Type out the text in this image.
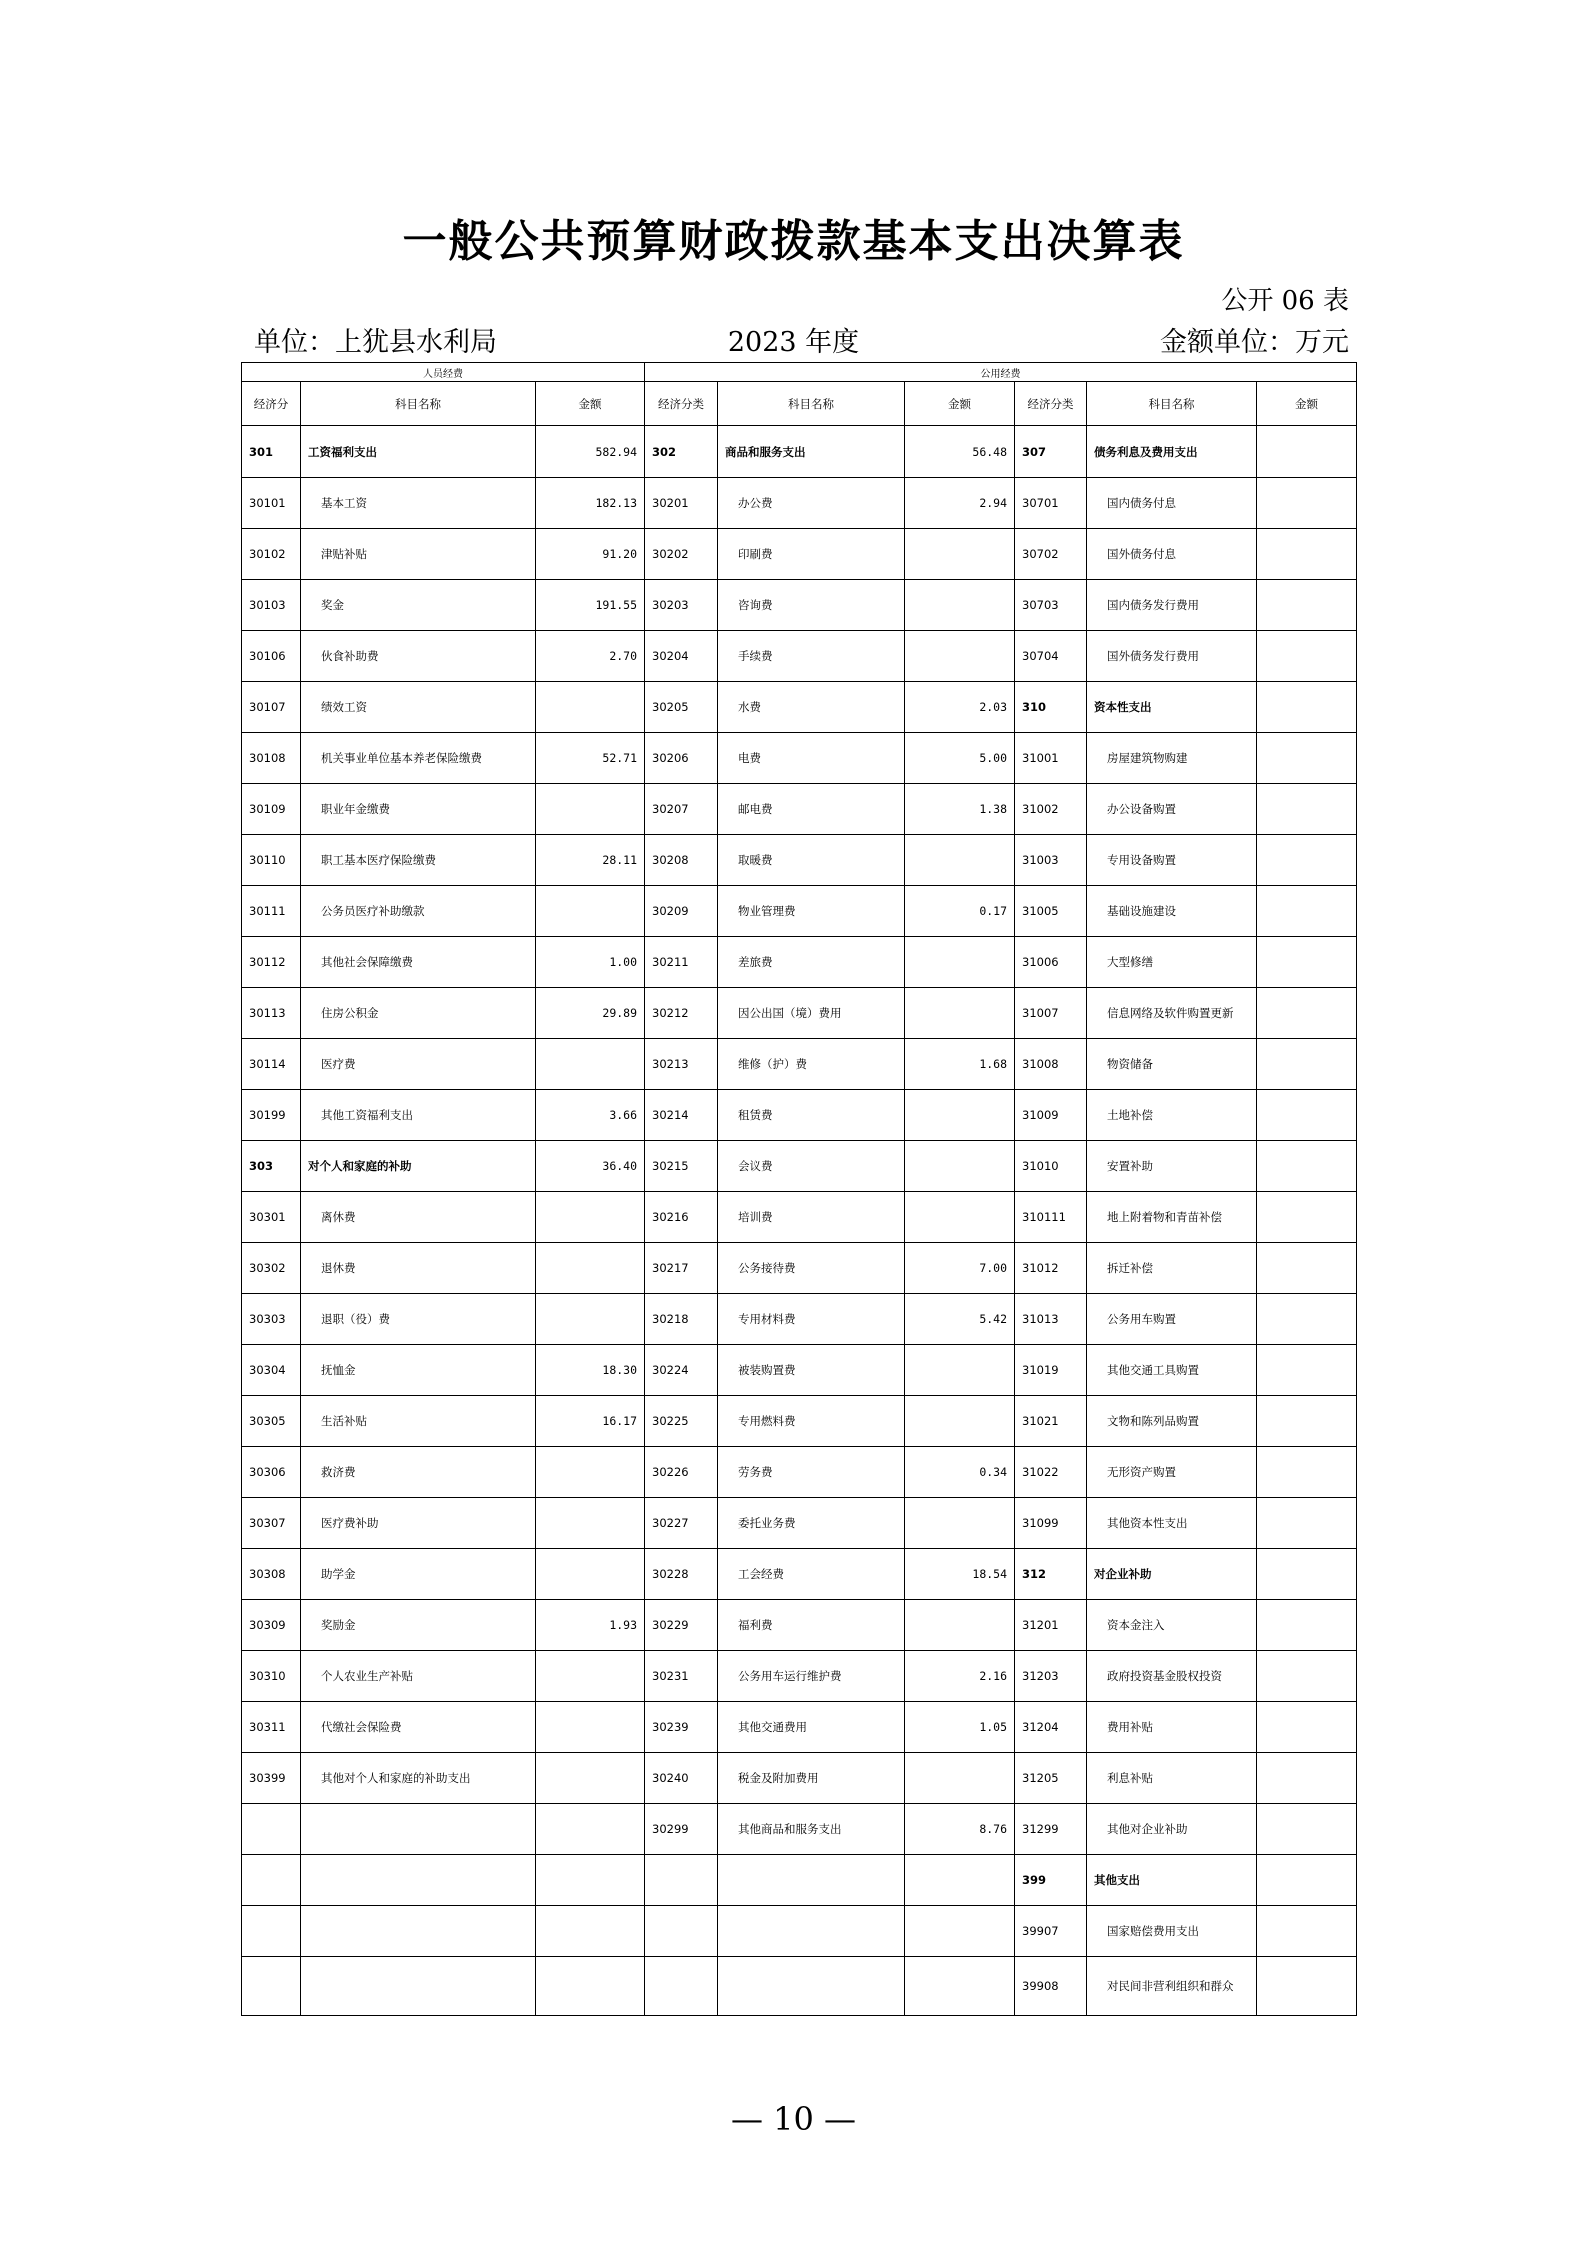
一般公共预算财政拨款基本支出决算表
公开 06 表
单位：上犹县水利局	2023 年度	金额单位：万元
人员经费			公用经费					
经济分	科目名称	金额	经济分类	科目名称	金额	经济分类	科目名称	金额
301	工资福利支出	582.94	302	商品和服务支出	56.48	307	债务利息及费用支出	
30101	基本工资	182.13	30201	办公费	2.94	30701	国内债务付息	
30102	津贴补贴	91.20	30202	印刷费		30702	国外债务付息	
30103	奖金	191.55	30203	咨询费		30703	国内债务发行费用	
30106	伙食补助费	2.70	30204	手续费		30704	国外债务发行费用	
30107	绩效工资		30205	水费	2.03	310	资本性支出	
30108	机关事业单位基本养老保险缴费	52.71	30206	电费	5.00	31001	房屋建筑物购建	
30109	职业年金缴费		30207	邮电费	1.38	31002	办公设备购置	
30110	职工基本医疗保险缴费	28.11	30208	取暖费		31003	专用设备购置	
30111	公务员医疗补助缴款		30209	物业管理费	0.17	31005	基础设施建设	
30112	其他社会保障缴费	1.00	30211	差旅费		31006	大型修缮	
30113	住房公积金	29.89	30212	因公出国（境）费用		31007	信息网络及软件购置更新	
30114	医疗费		30213	维修（护）费	1.68	31008	物资储备	
30199	其他工资福利支出	3.66	30214	租赁费		31009	土地补偿	
303	对个人和家庭的补助	36.40	30215	会议费		31010	安置补助	
30301	离休费		30216	培训费		310111	地上附着物和青苗补偿	
30302	退休费		30217	公务接待费	7.00	31012	拆迁补偿	
30303	退职（役）费		30218	专用材料费	5.42	31013	公务用车购置	
30304	抚恤金	18.30	30224	被装购置费		31019	其他交通工具购置	
30305	生活补贴	16.17	30225	专用燃料费		31021	文物和陈列品购置	
30306	救济费		30226	劳务费	0.34	31022	无形资产购置	
30307	医疗费补助		30227	委托业务费		31099	其他资本性支出	
30308	助学金		30228	工会经费	18.54	312	对企业补助	
30309	奖励金	1.93	30229	福利费		31201	资本金注入	
30310	个人农业生产补贴		30231	公务用车运行维护费	2.16	31203	政府投资基金股权投资	
30311	代缴社会保险费		30239	其他交通费用	1.05	31204	费用补贴	
30399	其他对个人和家庭的补助支出		30240	税金及附加费用		31205	利息补贴	
			30299	其他商品和服务支出	8.76	31299	其他对企业补助	
						399	其他支出	
						39907	国家赔偿费用支出	
						39908	对民间非营利组织和群众	
— 10 —
